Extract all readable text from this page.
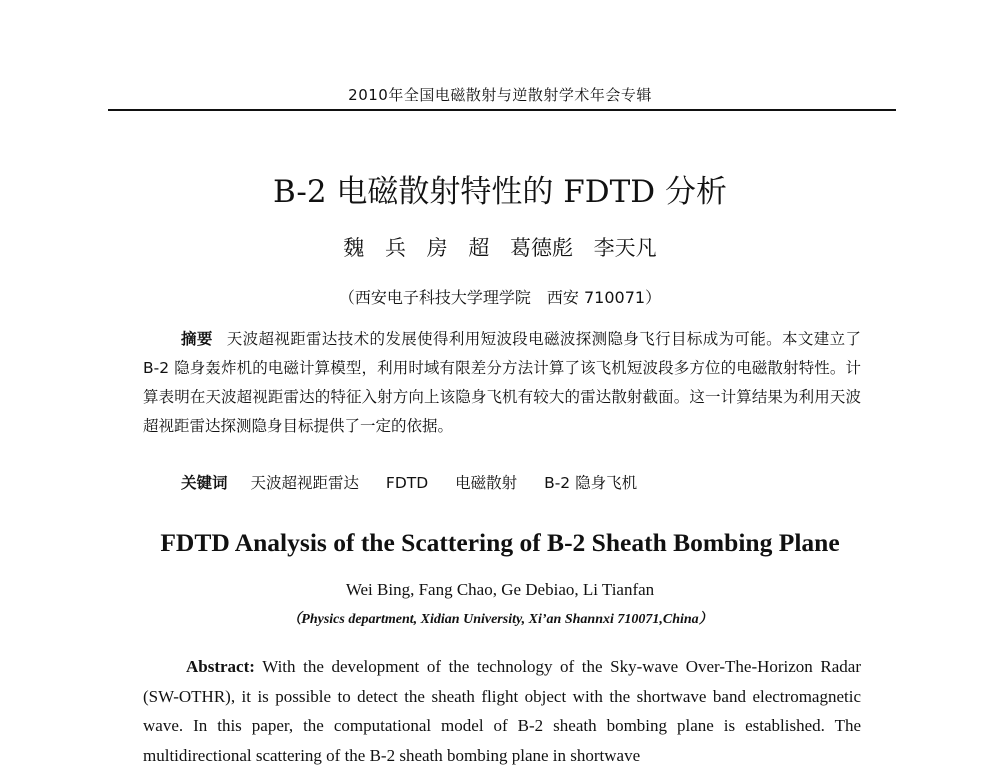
2010年全国电磁散射与逆散射学术年会专辑
B-2 电磁散射特性的 FDTD 分析
魏 兵 房 超 葛德彪 李天凡
（西安电子科技大学理学院　西安 710071）
摘要 天波超视距雷达技术的发展使得利用短波段电磁波探测隐身飞行目标成为可能。本文建立了 B-2 隐身轰炸机的电磁计算模型，利用时域有限差分方法计算了该飞机短波段多方位的电磁散射特性。计算表明在天波超视距雷达的特征入射方向上该隐身飞机有较大的雷达散射截面。这一计算结果为利用天波超视距雷达探测隐身目标提供了一定的依据。
关键词 天波超视距雷达 FDTD 电磁散射 B-2 隐身飞机
FDTD Analysis of the Scattering of B-2 Sheath Bombing Plane
Wei Bing, Fang Chao, Ge Debiao, Li Tianfan
（Physics department, Xidian University, Xi’an Shannxi 710071,China）
Abstract: With the development of the technology of the Sky-wave Over-The-Horizon Radar (SW-OTHR), it is possible to detect the sheath flight object with the shortwave band electromagnetic wave. In this paper, the computational model of B-2 sheath bombing plane is established. The multidirectional scattering of the B-2 sheath bombing plane in shortwave
